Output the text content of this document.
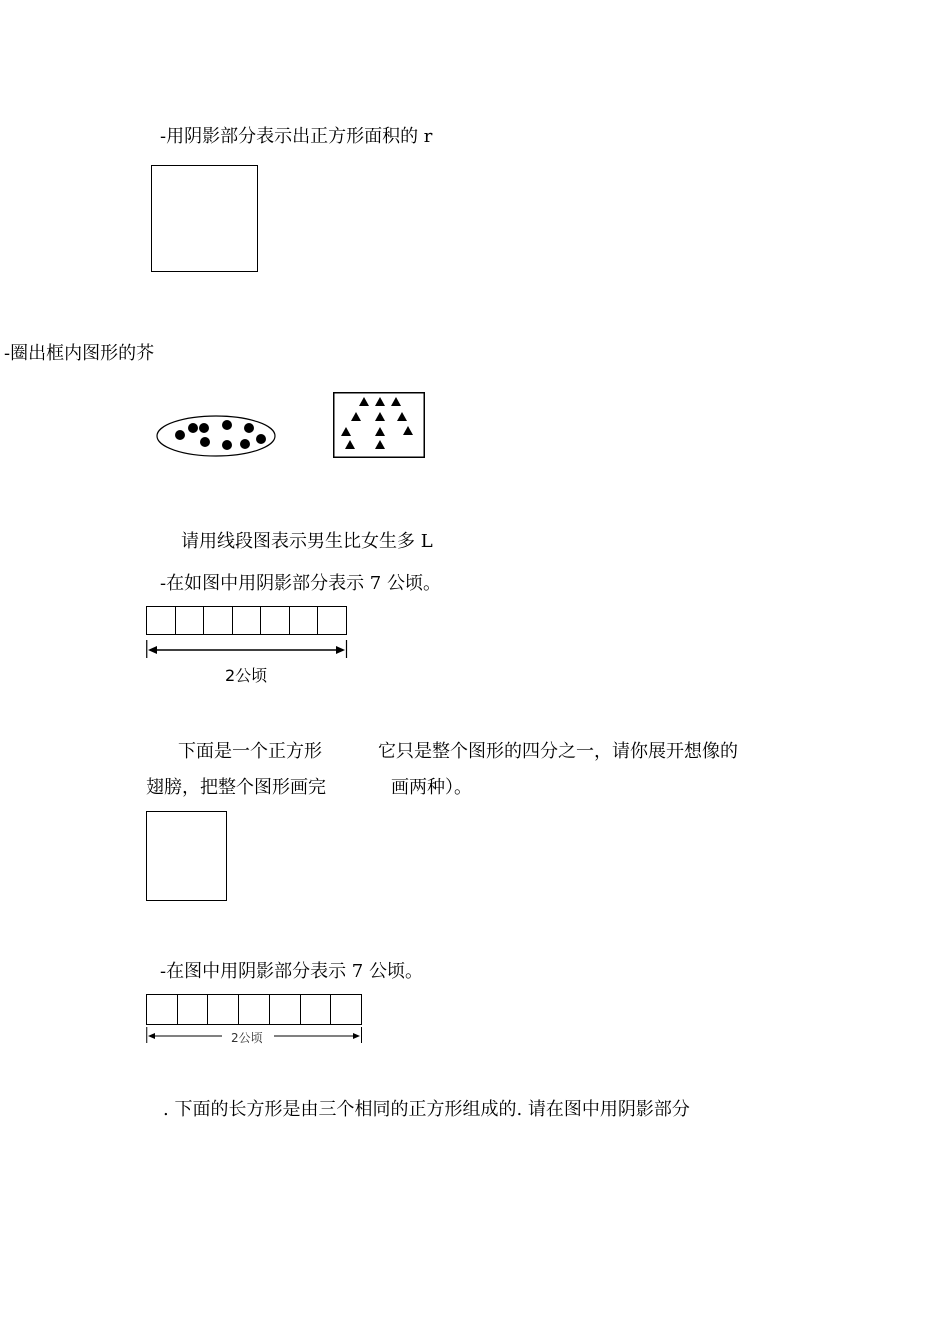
-用阴影部分表示出正方形面积的 r
-圈出框内图形的芥
请用线段图表示男生比女生多 L
-在如图中用阴影部分表示 7 公顷。
2公顷
下面是一个正方形	它只是整个图形的四分之一，请你展开想像的
翅膀，把整个图形画完	画两种）。
-在图中用阴影部分表示 7 公顷。
2公顷
. 下面的长方形是由三个相同的正方形组成的. 请在图中用阴影部分
